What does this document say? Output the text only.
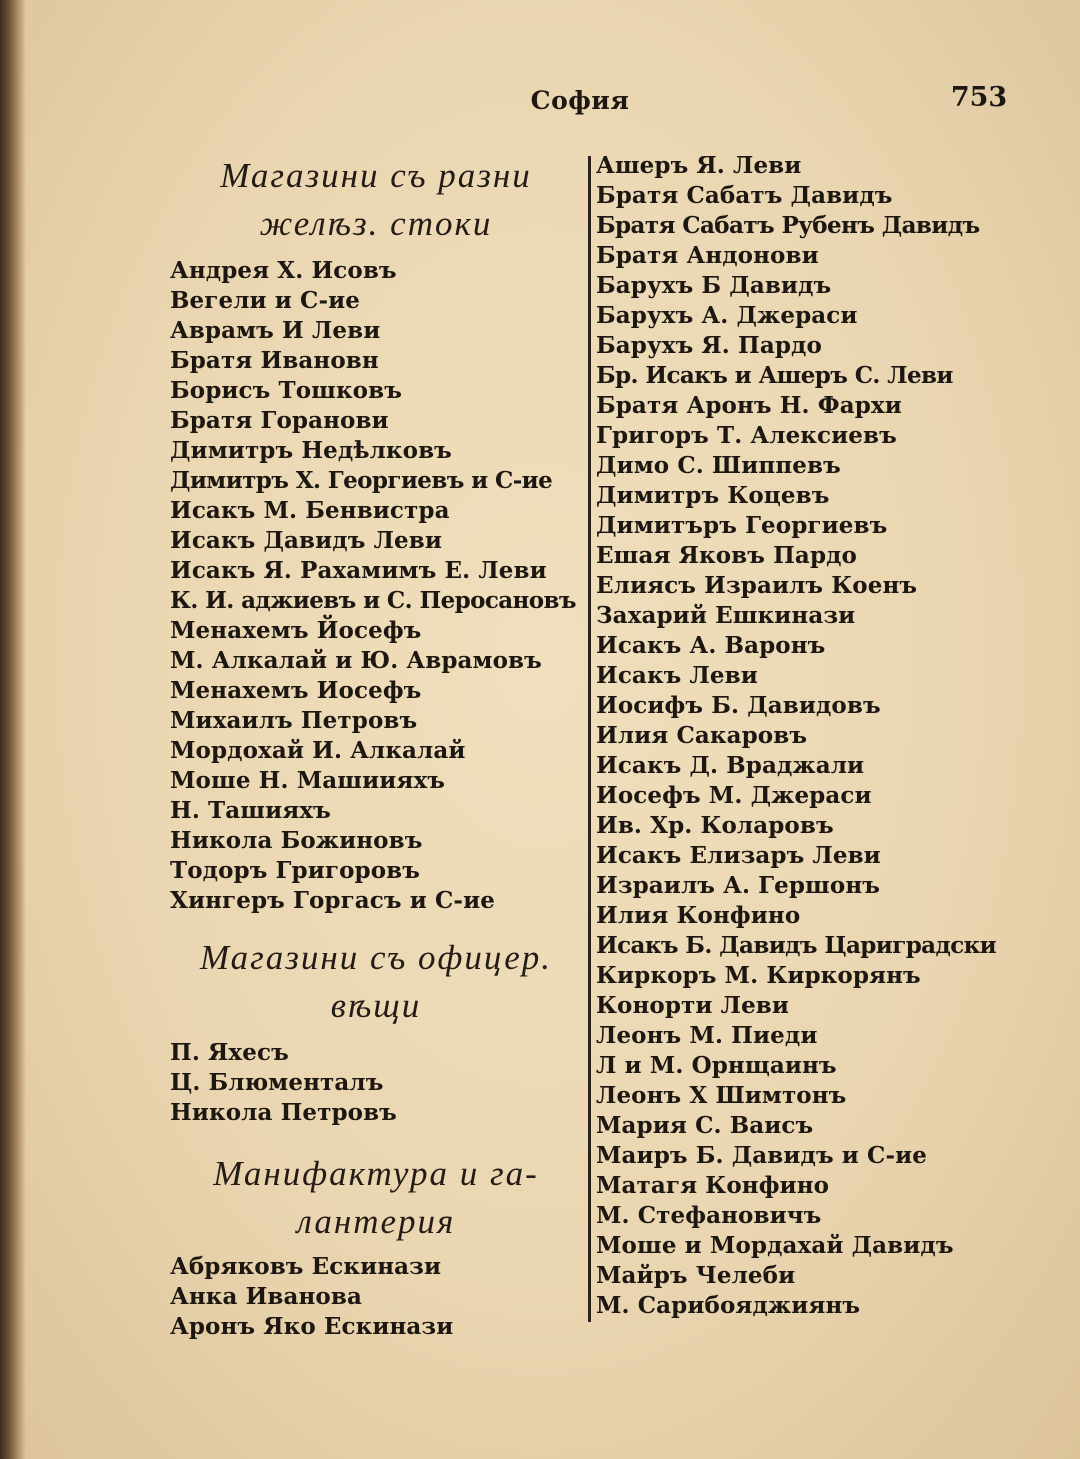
София	753
Магазини съ разни
желѣз. стоки
Андрея Х. Исовъ
Вегели и С-ие
Аврамъ И Леви
Братя Ивановн
Борисъ Тошковъ
Братя Горанови
Димитръ Недѣлковъ
Димитръ Х. Георгиевъ и С-ие
Исакъ М. Бенвистра
Исакъ Давидъ Леви
Исакъ Я. Рахамимъ Е. Леви
К. И. аджиевъ и С. Перосановъ
Менахемъ Йосефъ
М. Алкалай и Ю. Аврамовъ
Менахемъ Иосефъ
Михаилъ Петровъ
Мордохай И. Алкалай
Моше Н. Машиияхъ
Н. Ташияхъ
Никола Божиновъ
Тодоръ Григоровъ
Хингеръ Горгасъ и С-ие
Магазини съ офицер.
вѣщи
П. Яхесъ
Ц. Блюменталъ
Никола Петровъ
Манифактура и га-
лантерия
Абряковъ Ескинази
Анка Иванова
Аронъ Яко Ескинази
Ашеръ Я. Леви
Братя Сабатъ Давидъ
Братя Сабатъ Рубенъ Давидъ
Братя Андонови
Барухъ Б Давидъ
Барухъ А. Джераси
Барухъ Я. Пардо
Бр. Исакъ и Ашеръ С. Леви
Братя Аронъ Н. Фархи
Григоръ Т. Алексиевъ
Димо С. Шиппевъ
Димитръ Коцевъ
Димитъръ Георгиевъ
Ешая Яковъ Пардо
Елиясъ Израилъ Коенъ
Захарий Ешкинази
Исакъ А. Варонъ
Исакъ Леви
Иосифъ Б. Давидовъ
Илия Сакаровъ
Исакъ Д. Враджали
Иосефъ М. Джераси
Ив. Хр. Коларовъ
Исакъ Елизаръ Леви
Израилъ А. Гершонъ
Илия Конфино
Исакъ Б. Давидъ Цариградски
Киркоръ М. Киркорянъ
Конорти Леви
Леонъ М. Пиеди
Л и М. Орнщаинъ
Леонъ Х Шимтонъ
Мария С. Ваисъ
Маиръ Б. Давидъ и С-ие
Матагя Конфино
М. Стефановичъ
Моше и Мордахай Давидъ
Майръ Челеби
М. Сарибояджиянъ
